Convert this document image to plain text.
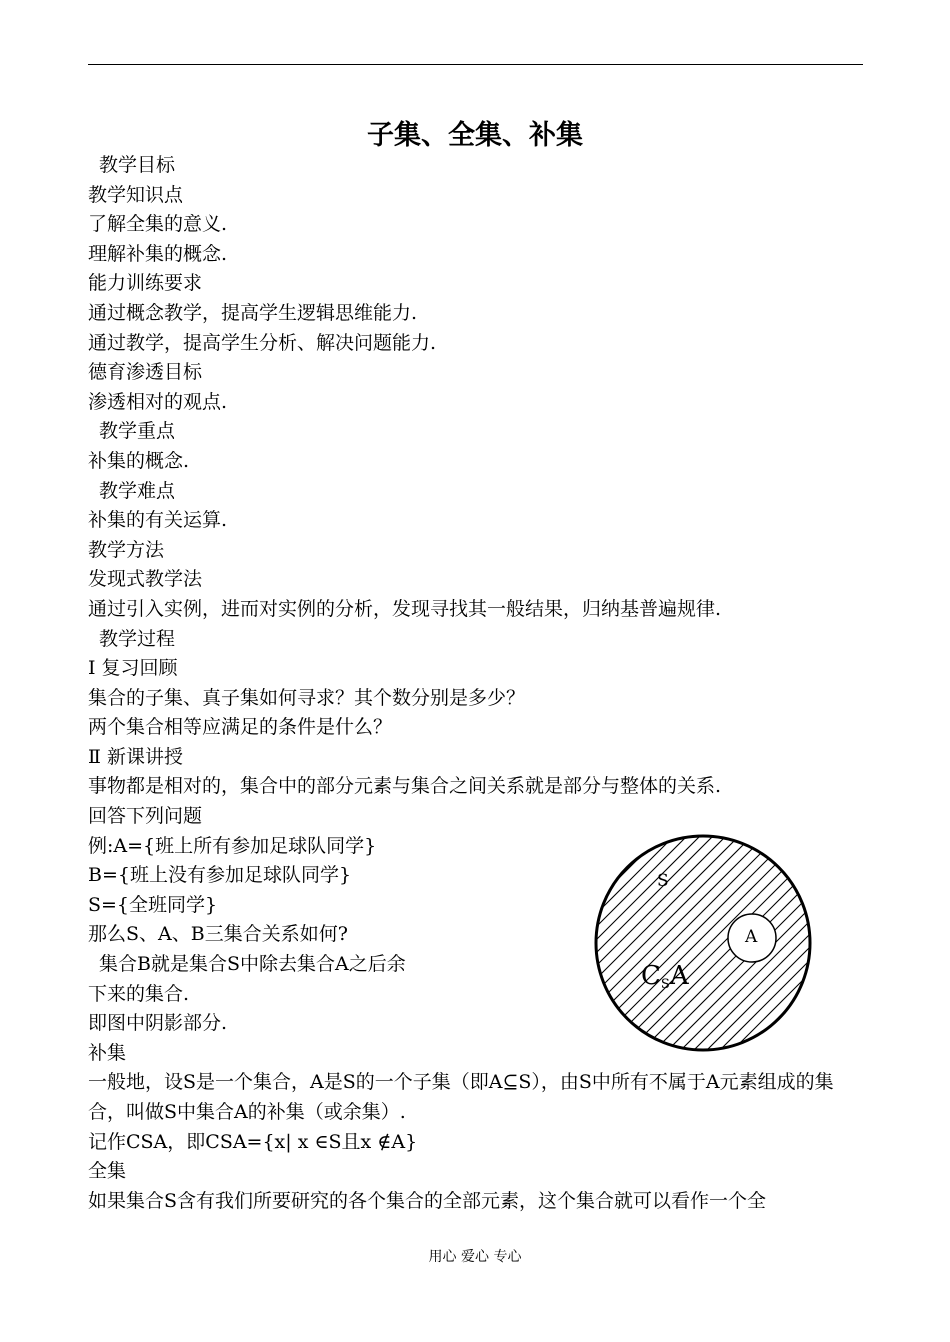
子集、全集、补集
教学目标
教学知识点
了解全集的意义.
理解补集的概念.
能力训练要求
通过概念教学，提高学生逻辑思维能力.
通过教学，提高学生分析、解决问题能力.
德育渗透目标
渗透相对的观点.
教学重点
补集的概念.
教学难点
补集的有关运算.
教学方法
发现式教学法
通过引入实例，进而对实例的分析，发现寻找其一般结果，归纳基普遍规律.
教学过程
Ⅰ 复习回顾
集合的子集、真子集如何寻求？其个数分别是多少？
两个集合相等应满足的条件是什么？
Ⅱ 新课讲授
事物都是相对的，集合中的部分元素与集合之间关系就是部分与整体的关系.
回答下列问题
例:A={班上所有参加足球队同学}
B={班上没有参加足球队同学}
S={全班同学}
那么S、A、B三集合关系如何?
集合B就是集合S中除去集合A之后余
下来的集合.
即图中阴影部分.
补集
一般地，设S是一个集合，A是S的一个子集（即A⊆S），由S中所有不属于A元素组成的集合，叫做S中集合A的补集（或余集）.
记作CSA，即CSA={x| x ∈S且x ∉A}
全集
如果集合S含有我们所要研究的各个集合的全部元素，这个集合就可以看作一个全
S
A
CSA
用心 爱心 专心
